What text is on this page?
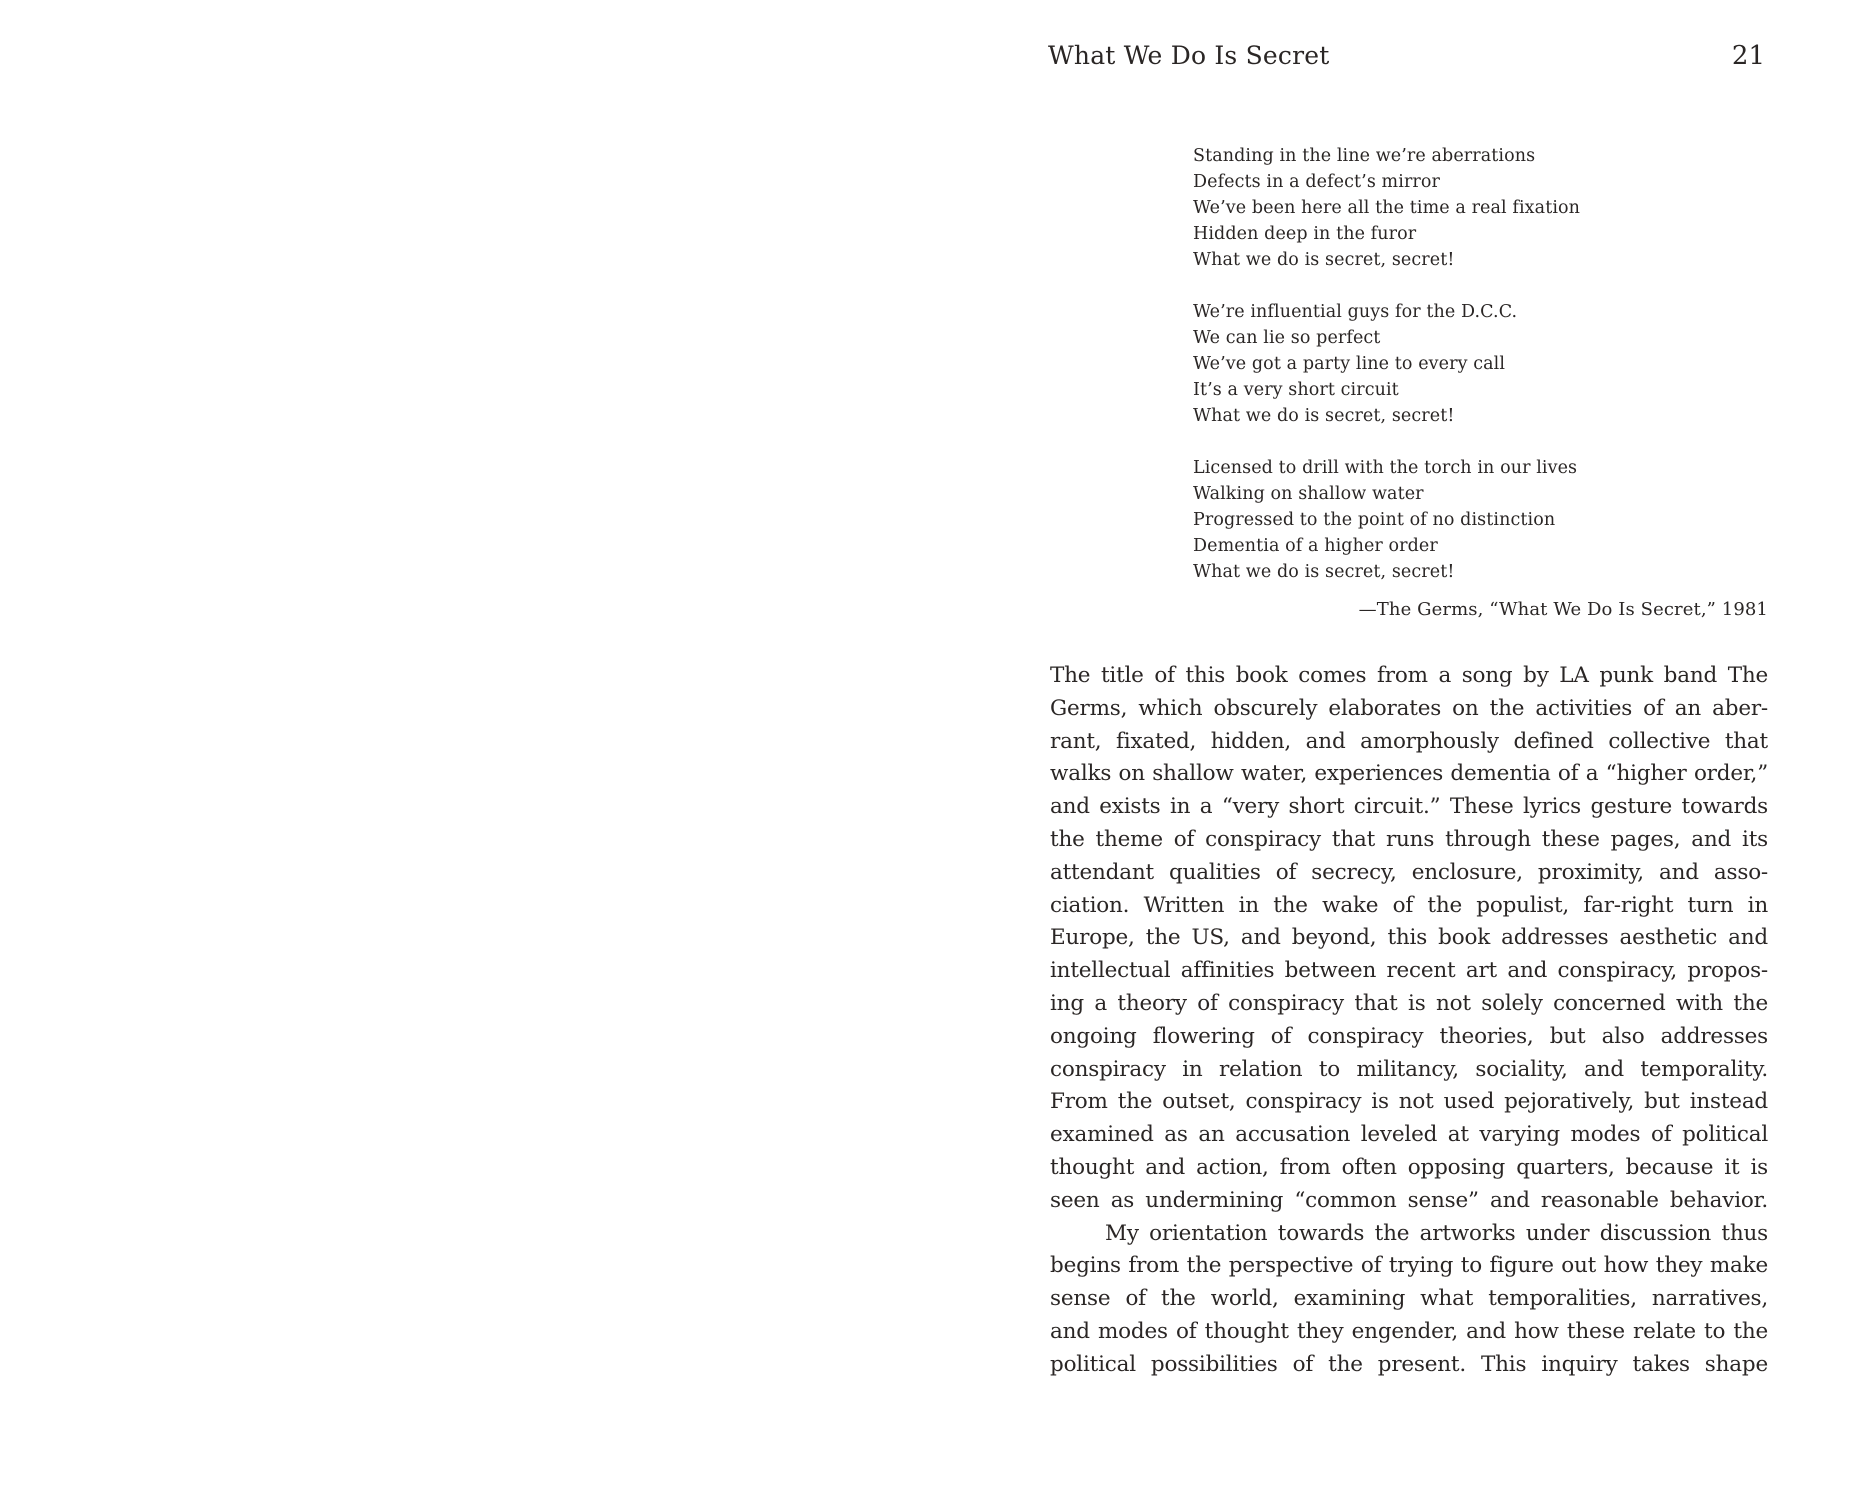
What We Do Is Secret	21
Standing in the line we’re aberrations
Defects in a defect’s mirror
We’ve been here all the time a real fixation
Hidden deep in the furor
What we do is secret, secret!
We’re influential guys for the D.C.C.
We can lie so perfect
We’ve got a party line to every call
It’s a very short circuit
What we do is secret, secret!
Licensed to drill with the torch in our lives
Walking on shallow water
Progressed to the point of no distinction
Dementia of a higher order
What we do is secret, secret!
—The Germs, “What We Do Is Secret,” 1981
The title of this book comes from a song by LA punk band The
Germs, which obscurely elaborates on the activities of an aber-
rant, fixated, hidden, and amorphously defined collective that
walks on shallow water, experiences dementia of a “higher order,”
and exists in a “very short circuit.” These lyrics gesture towards
the theme of conspiracy that runs through these pages, and its
attendant qualities of secrecy, enclosure, proximity, and asso-
ciation. Written in the wake of the populist, far-right turn in
Europe, the US, and beyond, this book addresses aesthetic and
intellectual affinities between recent art and conspiracy, propos-
ing a theory of conspiracy that is not solely concerned with the
ongoing flowering of conspiracy theories, but also addresses
conspiracy in relation to militancy, sociality, and temporality.
From the outset, conspiracy is not used pejoratively, but instead
examined as an accusation leveled at varying modes of political
thought and action, from often opposing quarters, because it is
seen as undermining “common sense” and reasonable behavior.
My orientation towards the artworks under discussion thus
begins from the perspective of trying to figure out how they make
sense of the world, examining what temporalities, narratives,
and modes of thought they engender, and how these relate to the
political possibilities of the present. This inquiry takes shape
